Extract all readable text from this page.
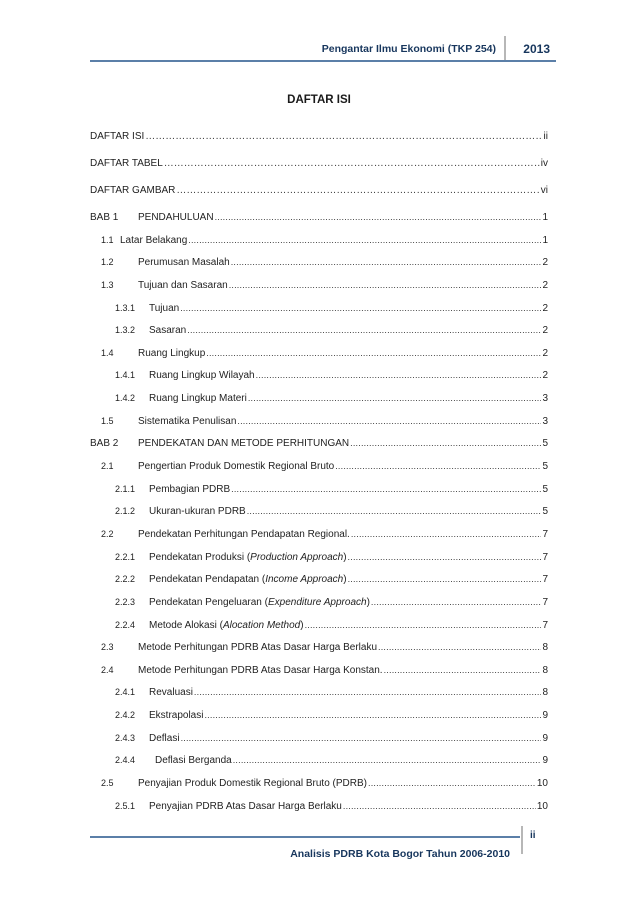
Pengantar Ilmu Ekonomi (TKP 254) 2013
DAFTAR ISI
DAFTAR ISI ……………………………………………………………………………………………………………………………………	ii
DAFTAR TABEL ……………………………………………………………………………………………………………………………………	iv
DAFTAR GAMBAR ……………………………………………………………………………………………………………………………………	vi
BAB 1	PENDAHULUAN .....	1
1.1 Latar Belakang .....	1
1.2	Perumusan Masalah .....	2
1.3	Tujuan dan Sasaran .....	2
1.3.1	Tujuan .....	2
1.3.2	Sasaran .....	2
1.4	Ruang Lingkup .....	2
1.4.1	Ruang Lingkup Wilayah .....	2
1.4.2	Ruang Lingkup Materi .....	3
1.5	Sistematika Penulisan .....	3
BAB 2	PENDEKATAN DAN METODE PERHITUNGAN .....	5
2.1	Pengertian Produk Domestik Regional Bruto .....	5
2.1.1	Pembagian PDRB .....	5
2.1.2	Ukuran-ukuran PDRB .....	5
2.2	Pendekatan Perhitungan Pendapatan Regional. .....	7
2.2.1	Pendekatan Produksi (Production Approach) .....	7
2.2.2	Pendekatan Pendapatan (Income Approach) .....	7
2.2.3	Pendekatan Pengeluaran (Expenditure Approach) .....	7
2.2.4	Metode Alokasi (Alocation Method) .....	7
2.3	Metode Perhitungan PDRB Atas Dasar Harga Berlaku .....	8
2.4	Metode Perhitungan PDRB Atas Dasar Harga Konstan. .....	8
2.4.1	Revaluasi .....	8
2.4.2	Ekstrapolasi .....	9
2.4.3	Deflasi .....	9
2.4.4	Deflasi Berganda .....	9
2.5	Penyajian Produk Domestik Regional Bruto (PDRB) .....	10
2.5.1	Penyajian PDRB Atas Dasar Harga Berlaku .....	10
Analisis PDRB Kota Bogor Tahun 2006-2010
ii
